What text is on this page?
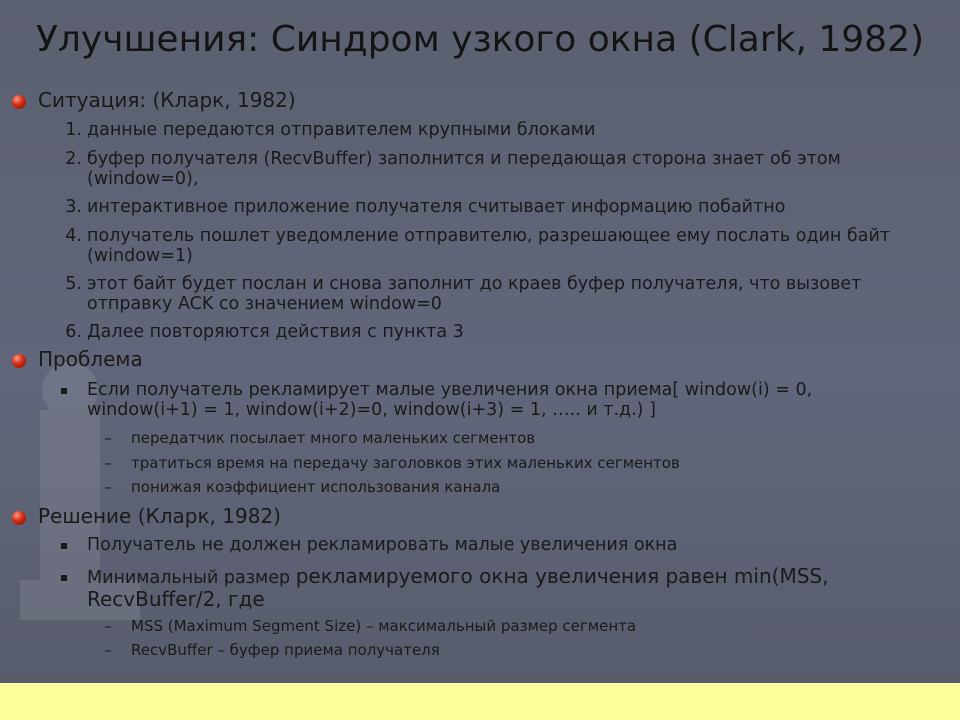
Улучшения: Синдром узкого окна (Clark, 1982)
Ситуация: (Кларк, 1982)
1. данные передаются отправителем крупными блоками
2. буфер получателя (RecvBuffer) заполнится и передающая сторона знает об этом
(window=0),
3. интерактивное приложение получателя считывает информацию побайтно
4. получатель пошлет уведомление отправителю, разрешающее ему послать один байт
(window=1)
5. этот байт будет послан и снова заполнит до краев буфер получателя, что вызовет
отправку ACK со значением window=0
6. Далее повторяются действия с пункта 3
Проблема
Если получатель рекламирует малые увеличения окна приема[ window(i) = 0,
window(i+1) = 1, window(i+2)=0, window(i+3) = 1, ….. и т.д.) ]
– передатчик посылает много маленьких сегментов
– тратиться время на передачу заголовков этих маленьких сегментов
– понижая коэффициент использования канала
Решение (Кларк, 1982)
Получатель не должен рекламировать малые увеличения окна
Минимальный размер рекламируемого окна увеличения равен min(MSS,
RecvBuffer/2, где
– MSS (Maximum Segment Size) – максимальный размер сегмента
– RecvBuffer – буфер приема получателя
